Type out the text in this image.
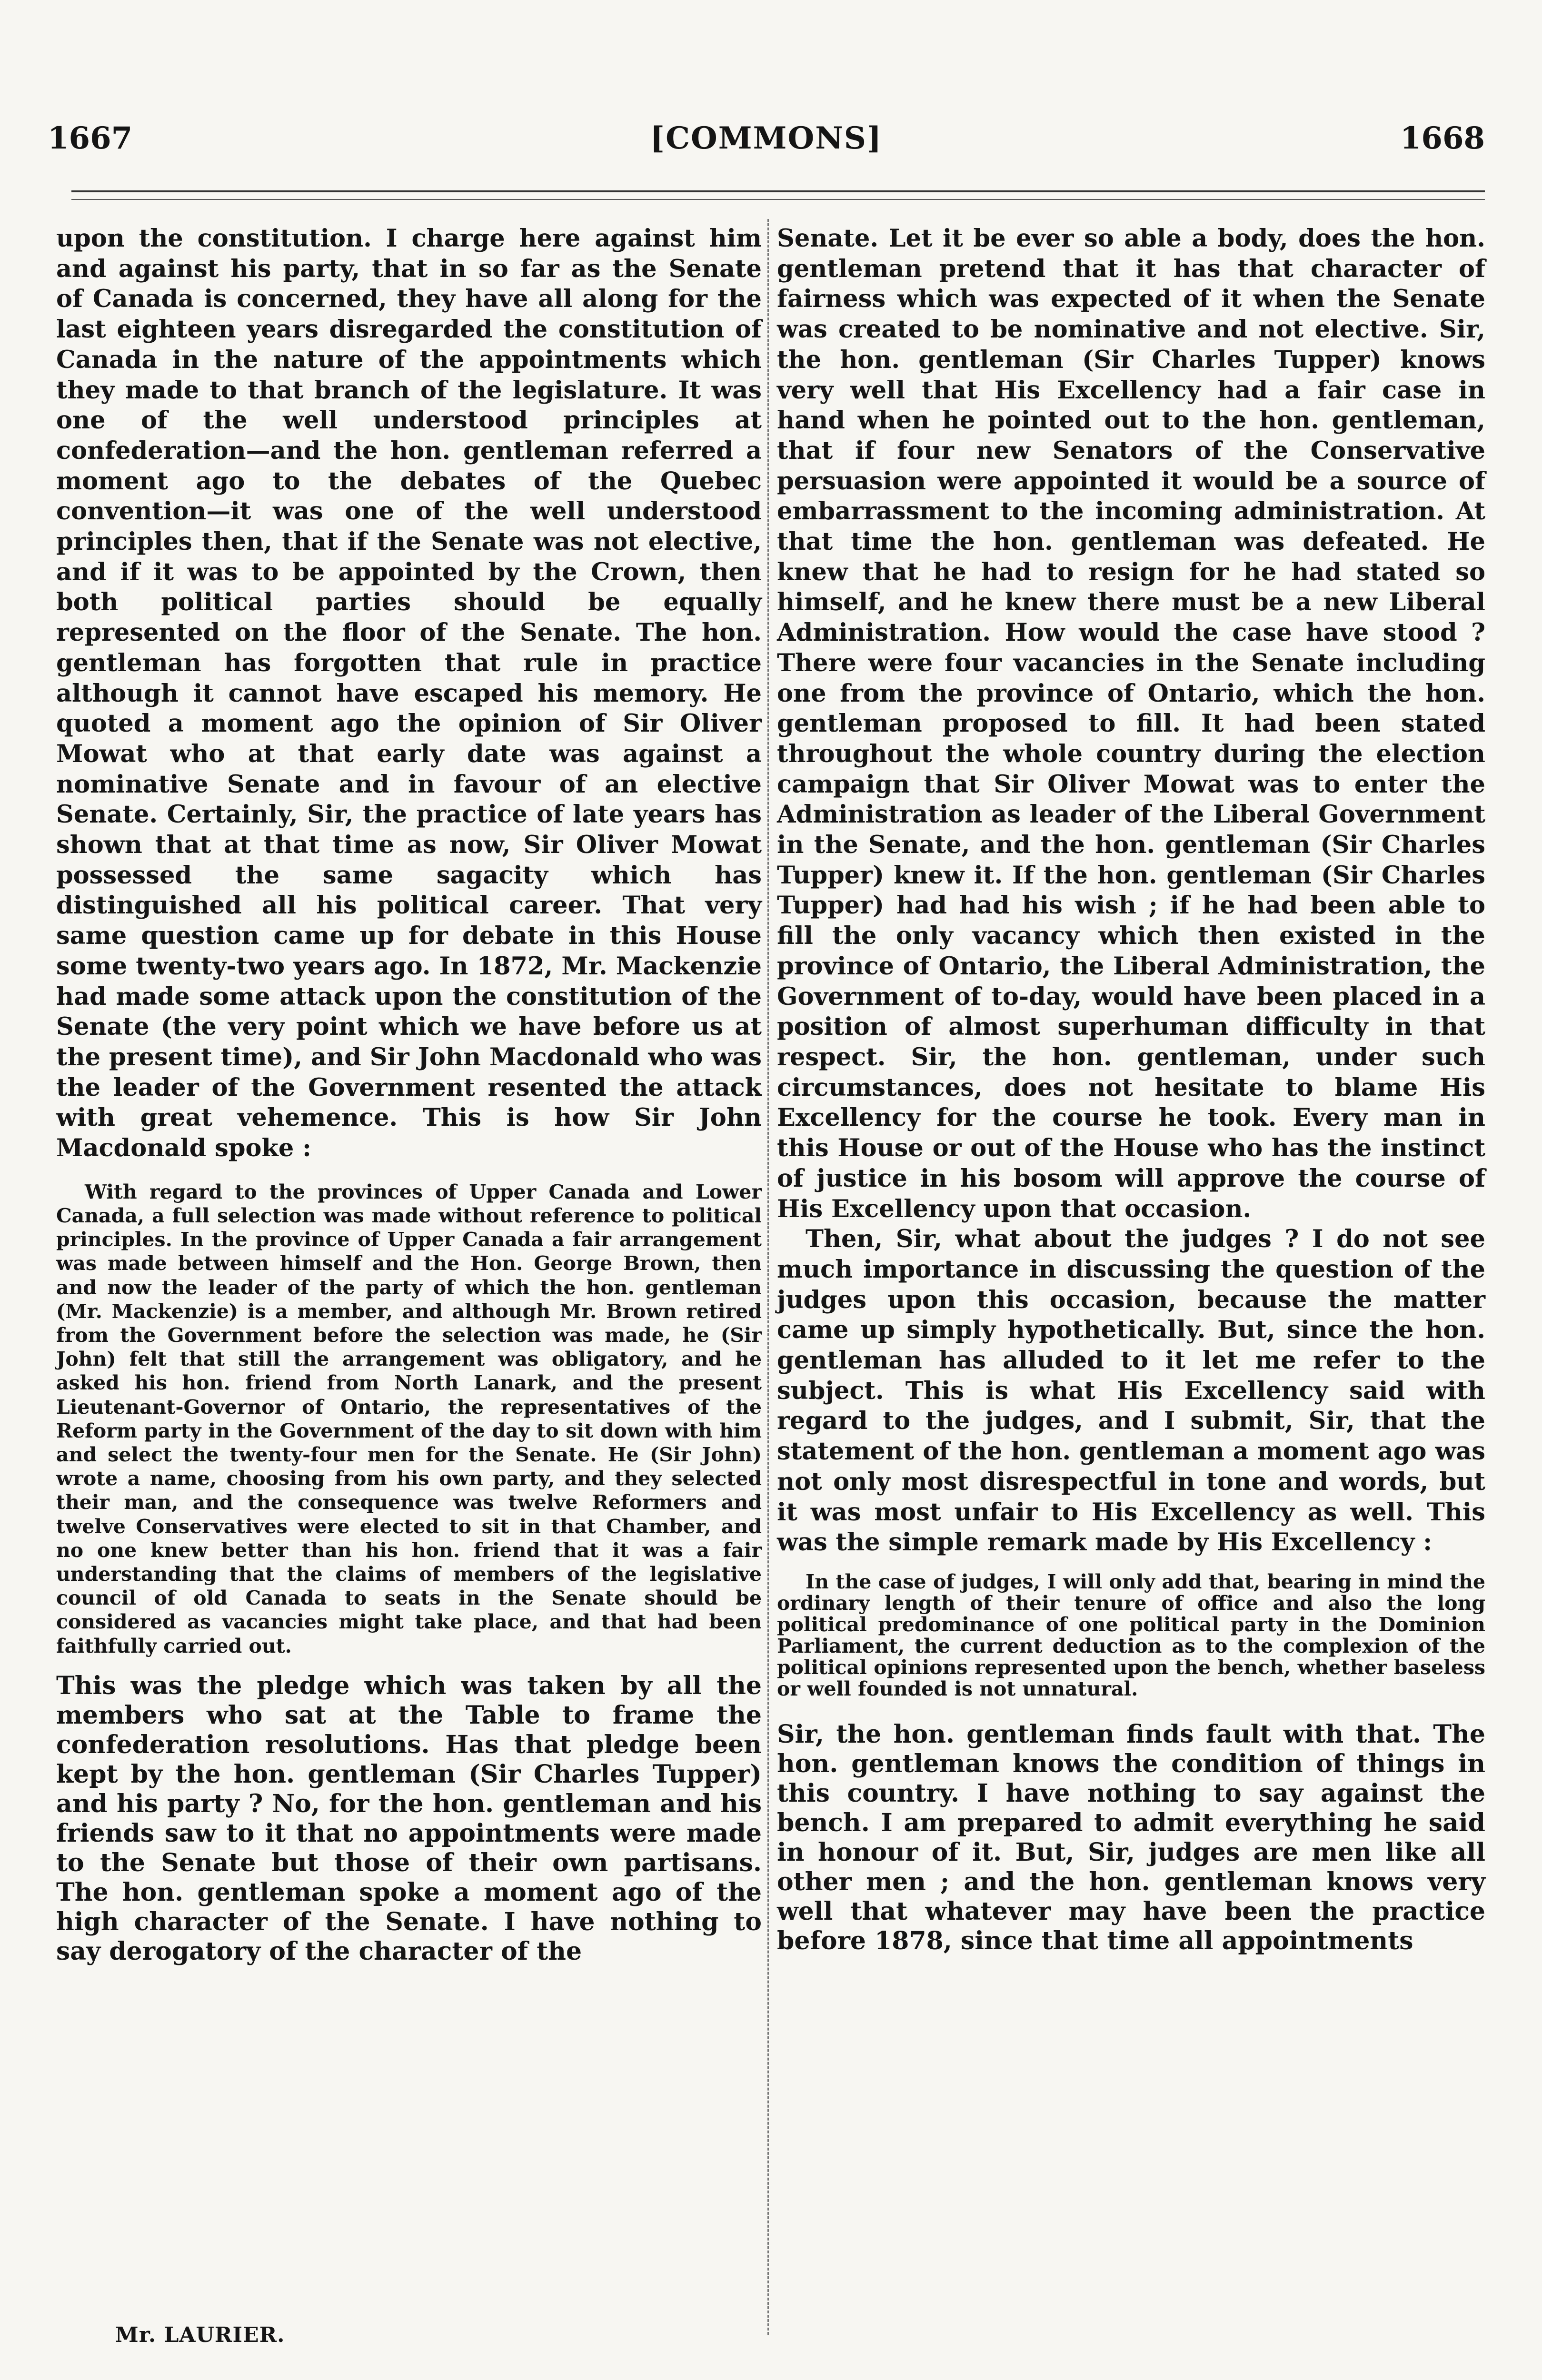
1667	[COMMONS]	1668

upon the constitution. I charge here against him and against his party, that in so far as the Senate of Canada is concerned, they have all along for the last eighteen years disregarded the constitution of Canada in the nature of the appointments which they made to that branch of the legislature. It was one of the well understood principles at confederation—and the hon. gentleman referred a moment ago to the debates of the Quebec convention—it was one of the well understood principles then, that if the Senate was not elective, and if it was to be appointed by the Crown, then both political parties should be equally represented on the floor of the Senate. The hon. gentleman has forgotten that rule in practice although it cannot have escaped his memory. He quoted a moment ago the opinion of Sir Oliver Mowat who at that early date was against a nominative Senate and in favour of an elective Senate. Certainly, Sir, the practice of late years has shown that at that time as now, Sir Oliver Mowat possessed the same sagacity which has distinguished all his political career. That very same question came up for debate in this House some twenty-two years ago. In 1872, Mr. Mackenzie had made some attack upon the constitution of the Senate (the very point which we have before us at the present time), and Sir John Macdonald who was the leader of the Government resented the attack with great vehemence. This is how Sir John Macdonald spoke :

With regard to the provinces of Upper Canada and Lower Canada, a full selection was made without reference to political principles. In the province of Upper Canada a fair arrangement was made between himself and the Hon. George Brown, then and now the leader of the party of which the hon. gentleman (Mr. Mackenzie) is a member, and although Mr. Brown retired from the Government before the selection was made, he (Sir John) felt that still the arrangement was obligatory, and he asked his hon. friend from North Lanark, and the present Lieutenant-Governor of Ontario, the representatives of the Reform party in the Government of the day to sit down with him and select the twenty-four men for the Senate. He (Sir John) wrote a name, choosing from his own party, and they selected their man, and the consequence was twelve Reformers and twelve Conservatives were elected to sit in that Chamber, and no one knew better than his hon. friend that it was a fair understanding that the claims of members of the legislative council of old Canada to seats in the Senate should be considered as vacancies might take place, and that had been faithfully carried out.

This was the pledge which was taken by all the members who sat at the Table to frame the confederation resolutions. Has that pledge been kept by the hon. gentleman (Sir Charles Tupper) and his party ? No, for the hon. gentleman and his friends saw to it that no appointments were made to the Senate but those of their own partisans. The hon. gentleman spoke a moment ago of the high character of the Senate. I have nothing to say derogatory of the character of the

Senate. Let it be ever so able a body, does the hon. gentleman pretend that it has that character of fairness which was expected of it when the Senate was created to be nominative and not elective. Sir, the hon. gentleman (Sir Charles Tupper) knows very well that His Excellency had a fair case in hand when he pointed out to the hon. gentleman, that if four new Senators of the Conservative persuasion were appointed it would be a source of embarrassment to the incoming administration. At that time the hon. gentleman was defeated. He knew that he had to resign for he had stated so himself, and he knew there must be a new Liberal Administration. How would the case have stood ? There were four vacancies in the Senate including one from the province of Ontario, which the hon. gentleman proposed to fill. It had been stated throughout the whole country during the election campaign that Sir Oliver Mowat was to enter the Administration as leader of the Liberal Government in the Senate, and the hon. gentleman (Sir Charles Tupper) knew it. If the hon. gentleman (Sir Charles Tupper) had had his wish ; if he had been able to fill the only vacancy which then existed in the province of Ontario, the Liberal Administration, the Government of to-day, would have been placed in a position of almost superhuman difficulty in that respect. Sir, the hon. gentleman, under such circumstances, does not hesitate to blame His Excellency for the course he took. Every man in this House or out of the House who has the instinct of justice in his bosom will approve the course of His Excellency upon that occasion.

Then, Sir, what about the judges ? I do not see much importance in discussing the question of the judges upon this occasion, because the matter came up simply hypothetically. But, since the hon. gentleman has alluded to it let me refer to the subject. This is what His Excellency said with regard to the judges, and I submit, Sir, that the statement of the hon. gentleman a moment ago was not only most disrespectful in tone and words, but it was most unfair to His Excellency as well. This was the simple remark made by His Excellency :

In the case of judges, I will only add that, bearing in mind the ordinary length of their tenure of office and also the long political predominance of one political party in the Dominion Parliament, the current deduction as to the complexion of the political opinions represented upon the bench, whether baseless or well founded is not unnatural.

Sir, the hon. gentleman finds fault with that. The hon. gentleman knows the condition of things in this country. I have nothing to say against the bench. I am prepared to admit everything he said in honour of it. But, Sir, judges are men like all other men ; and the hon. gentleman knows very well that whatever may have been the practice before 1878, since that time all appointments

Mr. LAURIER.
